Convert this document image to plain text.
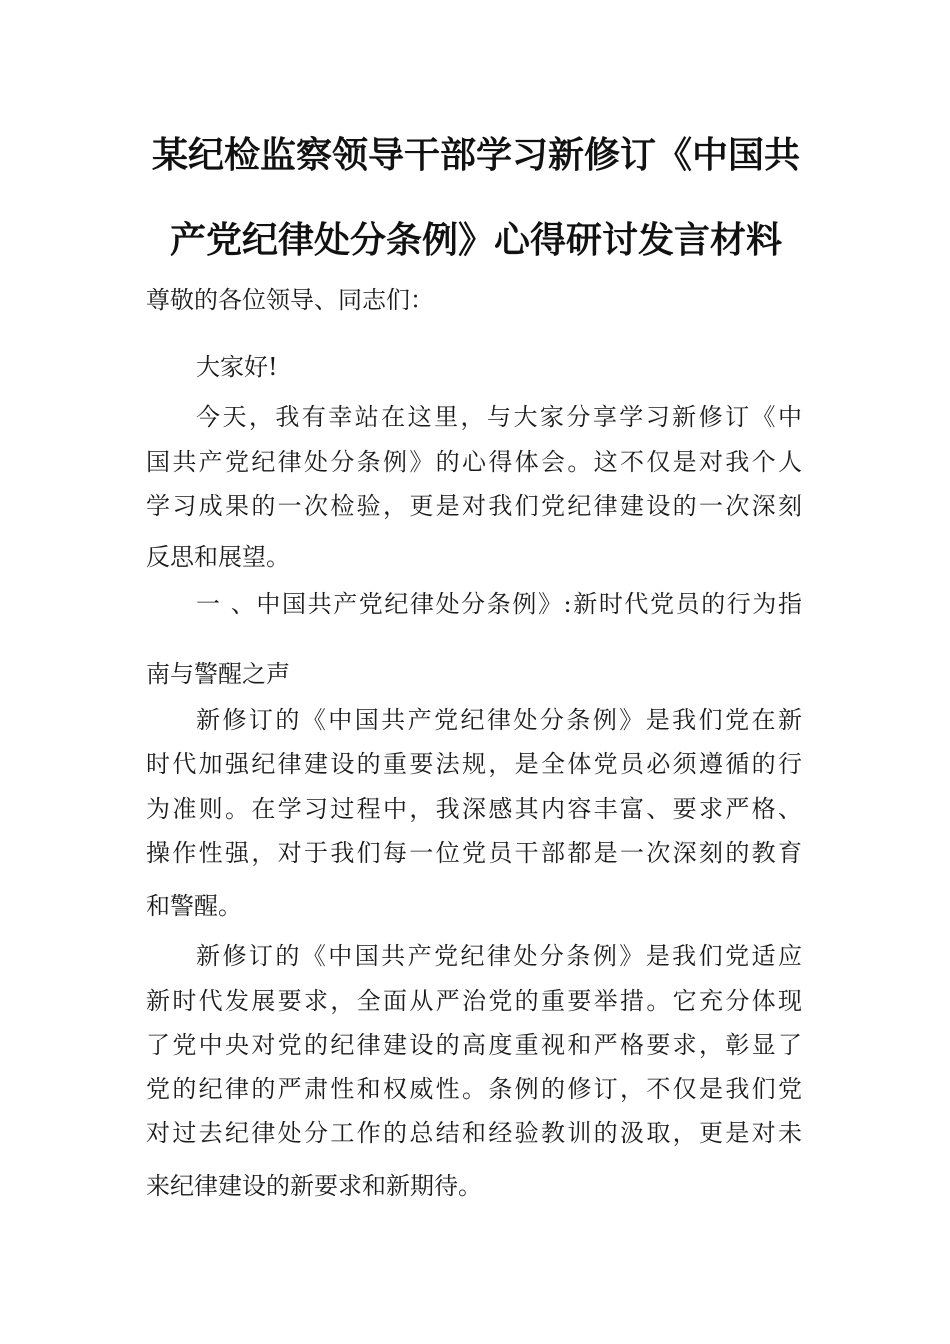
某纪检监察领导干部学习新修订《中国共
产党纪律处分条例》心得研讨发言材料
尊敬的各位领导、同志们：
大家好!
今天，我有幸站在这里，与大家分享学习新修订《中
国共产党纪律处分条例》的心得体会。这不仅是对我个人
学习成果的一次检验，更是对我们党纪律建设的一次深刻
反思和展望。
一 、中国共产党纪律处分条例》:新时代党员的行为指
南与警醒之声
新修订的《中国共产党纪律处分条例》是我们党在新
时代加强纪律建设的重要法规，是全体党员必须遵循的行
为准则。在学习过程中，我深感其内容丰富、要求严格、
操作性强，对于我们每一位党员干部都是一次深刻的教育
和警醒。
新修订的《中国共产党纪律处分条例》是我们党适应
新时代发展要求，全面从严治党的重要举措。它充分体现
了党中央对党的纪律建设的高度重视和严格要求，彰显了
党的纪律的严肃性和权威性。条例的修订，不仅是我们党
对过去纪律处分工作的总结和经验教训的汲取，更是对未
来纪律建设的新要求和新期待。
